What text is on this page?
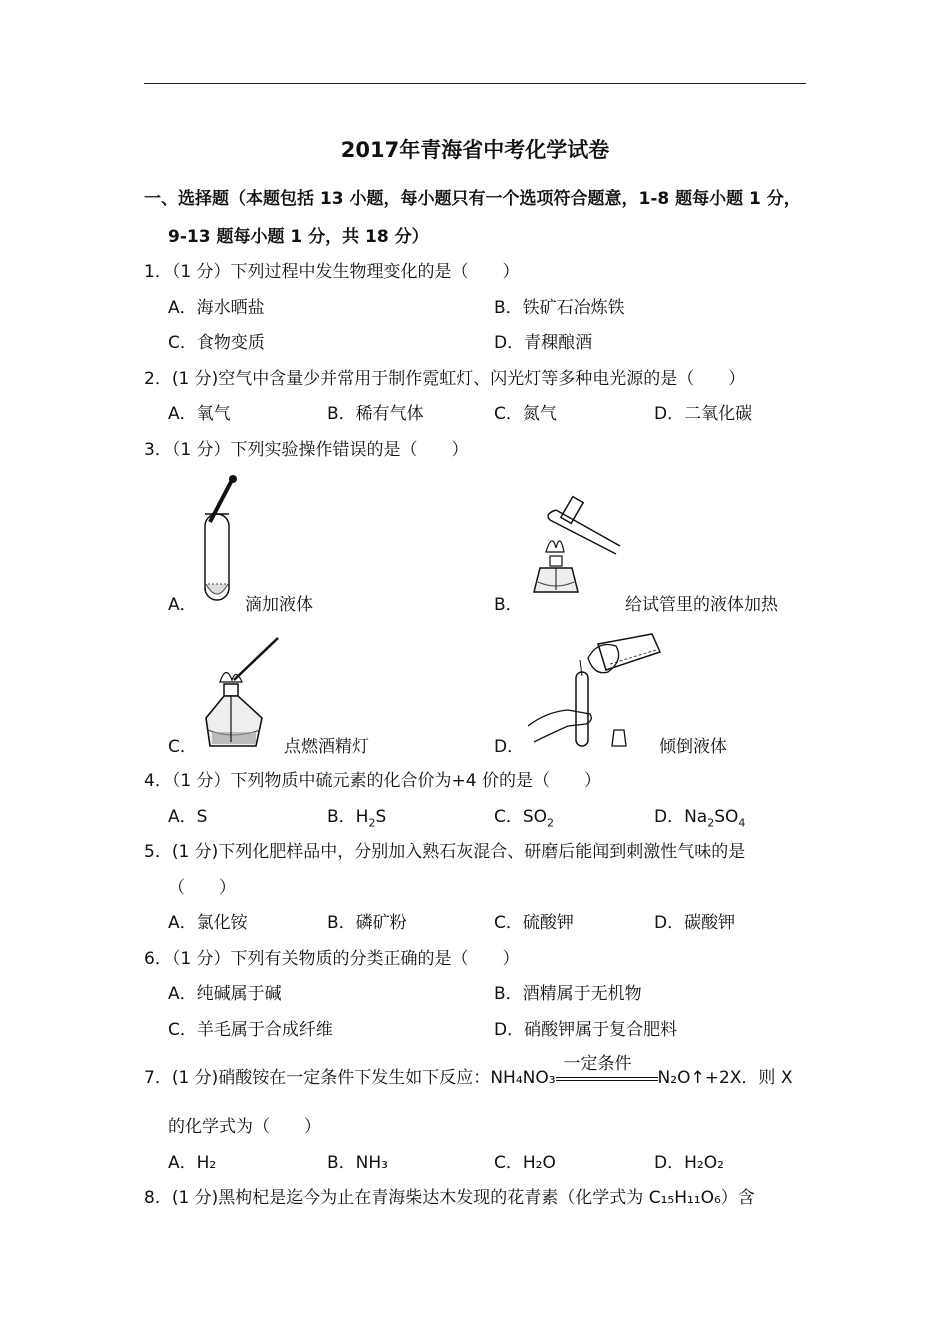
2017年青海省中考化学试卷
一、选择题（本题包括 13 小题，每小题只有一个选项符合题意，1-8 题每小题 1 分，
9-13 题每小题 1 分，共 18 分）
1．（1 分）下列过程中发生物理变化的是（　　）
A．海水晒盐	B．铁矿石冶炼铁
C．食物变质	D．青稞酿酒
2．(1 分)空气中含量少并常用于制作霓虹灯、闪光灯等多种电光源的是（　　）
A．氧气	B．稀有气体	C．氮气	D．二氧化碳
3．（1 分）下列实验操作错误的是（　　）
A．	滴加液体	B．	给试管里的液体加热
C．	点燃酒精灯	D．	倾倒液体
4．（1 分）下列物质中硫元素的化合价为+4 价的是（　　）
A．S	B．$H_2S$	C．$SO_2$	D．$Na_2SO_4$
5．(1 分)下列化肥样品中，分别加入熟石灰混合、研磨后能闻到刺激性气味的是
（　　）
A．氯化铵	B．磷矿粉	C．硫酸钾	D．碳酸钾
6．（1 分）下列有关物质的分类正确的是（　　）
A．纯碱属于碱	B．酒精属于无机物
C．羊毛属于合成纤维	D．硝酸钾属于复合肥料
7．(1 分)硝酸铵在一定条件下发生如下反应：NH₄NO₃
一定条件
N₂O↑+2X．则 X
的化学式为（　　）
A．H₂	B．NH₃	C．H₂O	D．H₂O₂
8．(1 分)黑枸杞是迄今为止在青海柴达木发现的花青素（化学式为 C₁₅H₁₁O₆）含
